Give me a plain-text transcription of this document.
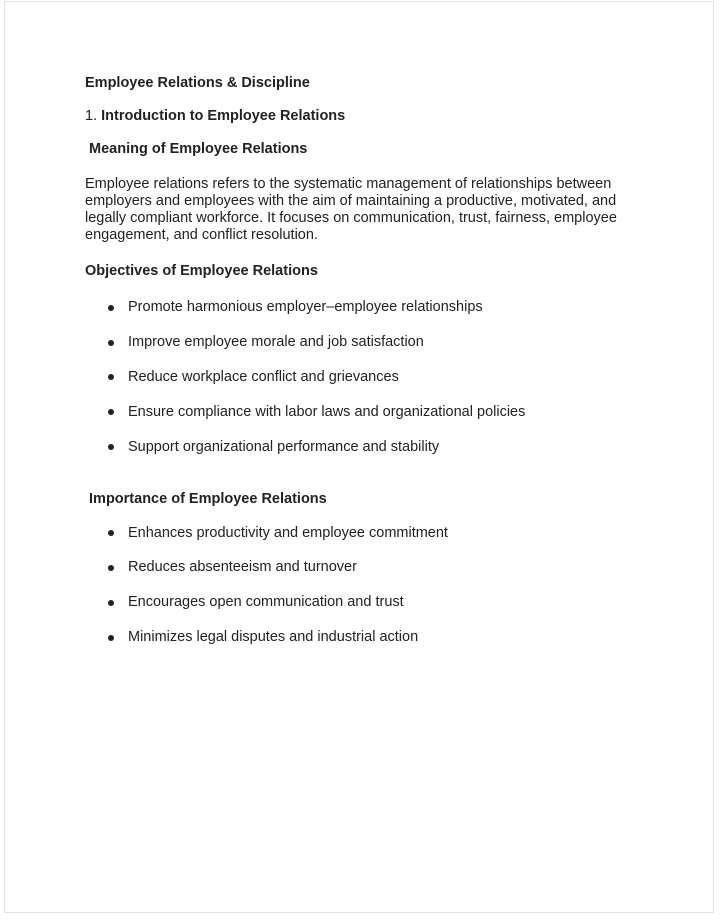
Employee Relations & Discipline
1. Introduction to Employee Relations
Meaning of Employee Relations

Employee relations refers to the systematic management of relationships between employers and employees with the aim of maintaining a productive, motivated, and legally compliant workforce. It focuses on communication, trust, fairness, employee engagement, and conflict resolution.

Objectives of Employee Relations
Promote harmonious employer–employee relationships
Improve employee morale and job satisfaction
Reduce workplace conflict and grievances
Ensure compliance with labor laws and organizational policies
Support organizational performance and stability
Importance of Employee Relations
Enhances productivity and employee commitment
Reduces absenteeism and turnover
Encourages open communication and trust
Minimizes legal disputes and industrial action
